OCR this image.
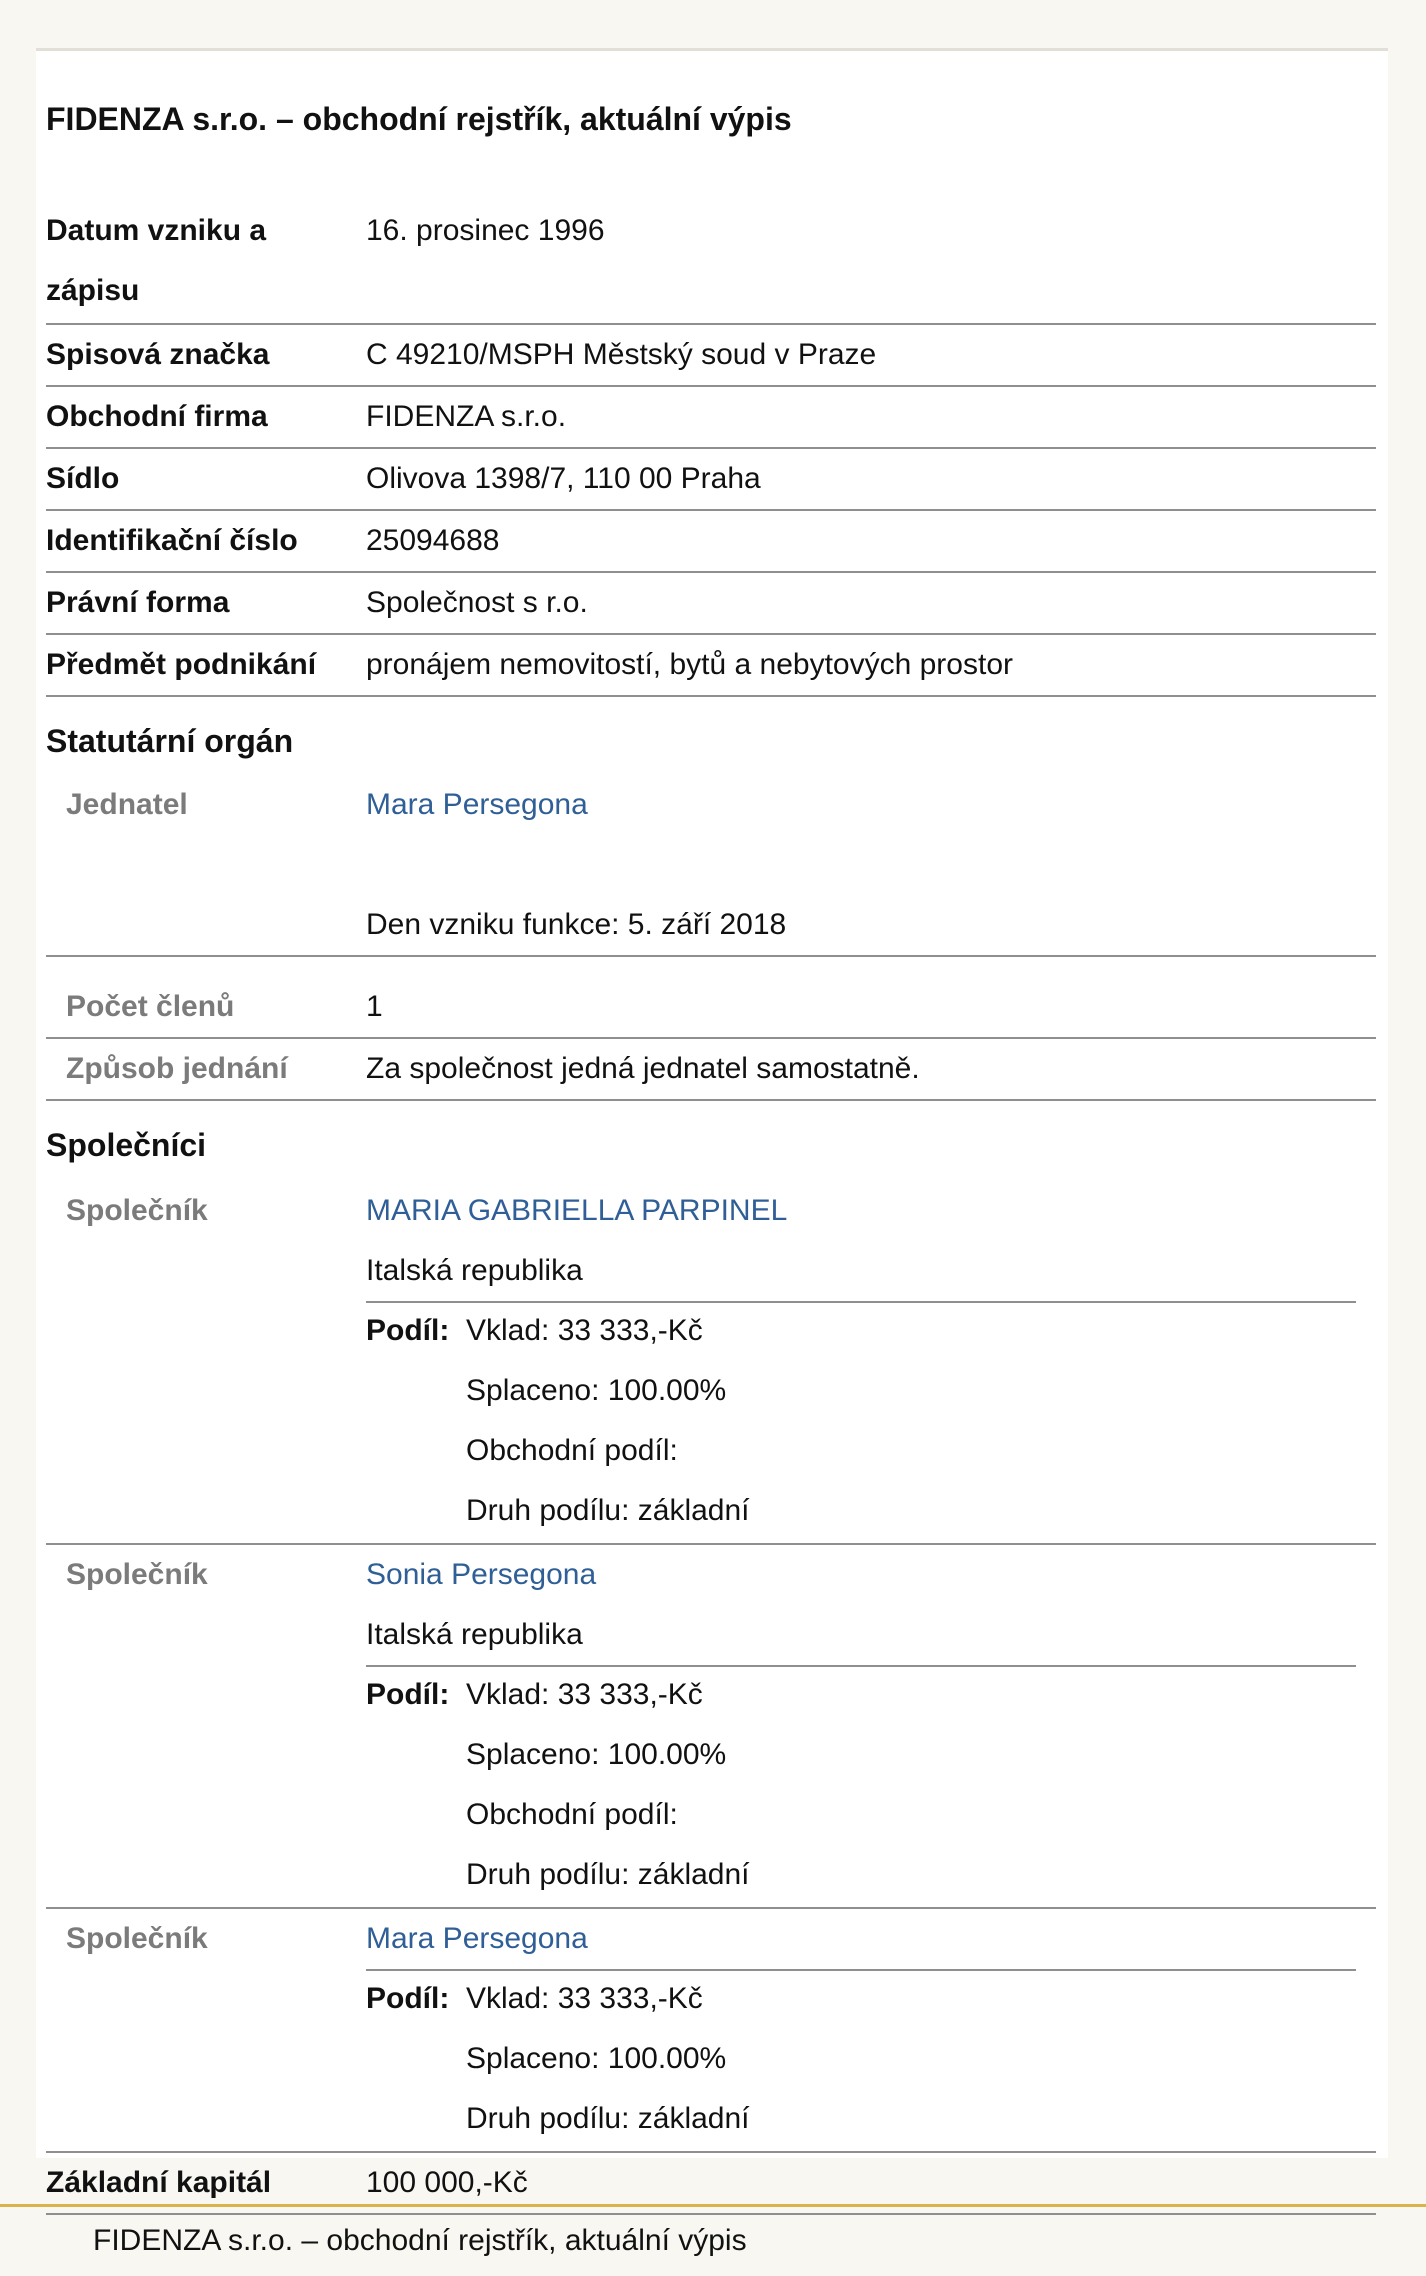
FIDENZA s.r.o. – obchodní rejstřík, aktuální výpis
Datum vzniku a
zápisu
16. prosinec 1996
Spisová značka	C 49210/MSPH Městský soud v Praze
Obchodní firma	FIDENZA s.r.o.
Sídlo	Olivova 1398/7, 110 00 Praha
Identifikační číslo 25094688
Právní forma	Společnost s r.o.
Předmět podnikání pronájem nemovitostí, bytů a nebytových prostor
Statutární orgán
Jednatel	Mara Persegona
Den vzniku funkce: 5. září 2018
Počet členů	1
Způsob jednání	Za společnost jedná jednatel samostatně.
Společníci
Společník	MARIA GABRIELLA PARPINEL
Italská republika
Podíl: Vklad: 33 333,-Kč
Splaceno: 100.00%
Obchodní podíl:
Druh podílu: základní
Společník	Sonia Persegona
Italská republika
Podíl: Vklad: 33 333,-Kč
Splaceno: 100.00%
Obchodní podíl:
Druh podílu: základní
Společník	Mara Persegona
Podíl: Vklad: 33 333,-Kč
Splaceno: 100.00%
Druh podílu: základní
Základní kapitál	100 000,-Kč
FIDENZA s.r.o. – obchodní rejstřík, aktuální výpis
